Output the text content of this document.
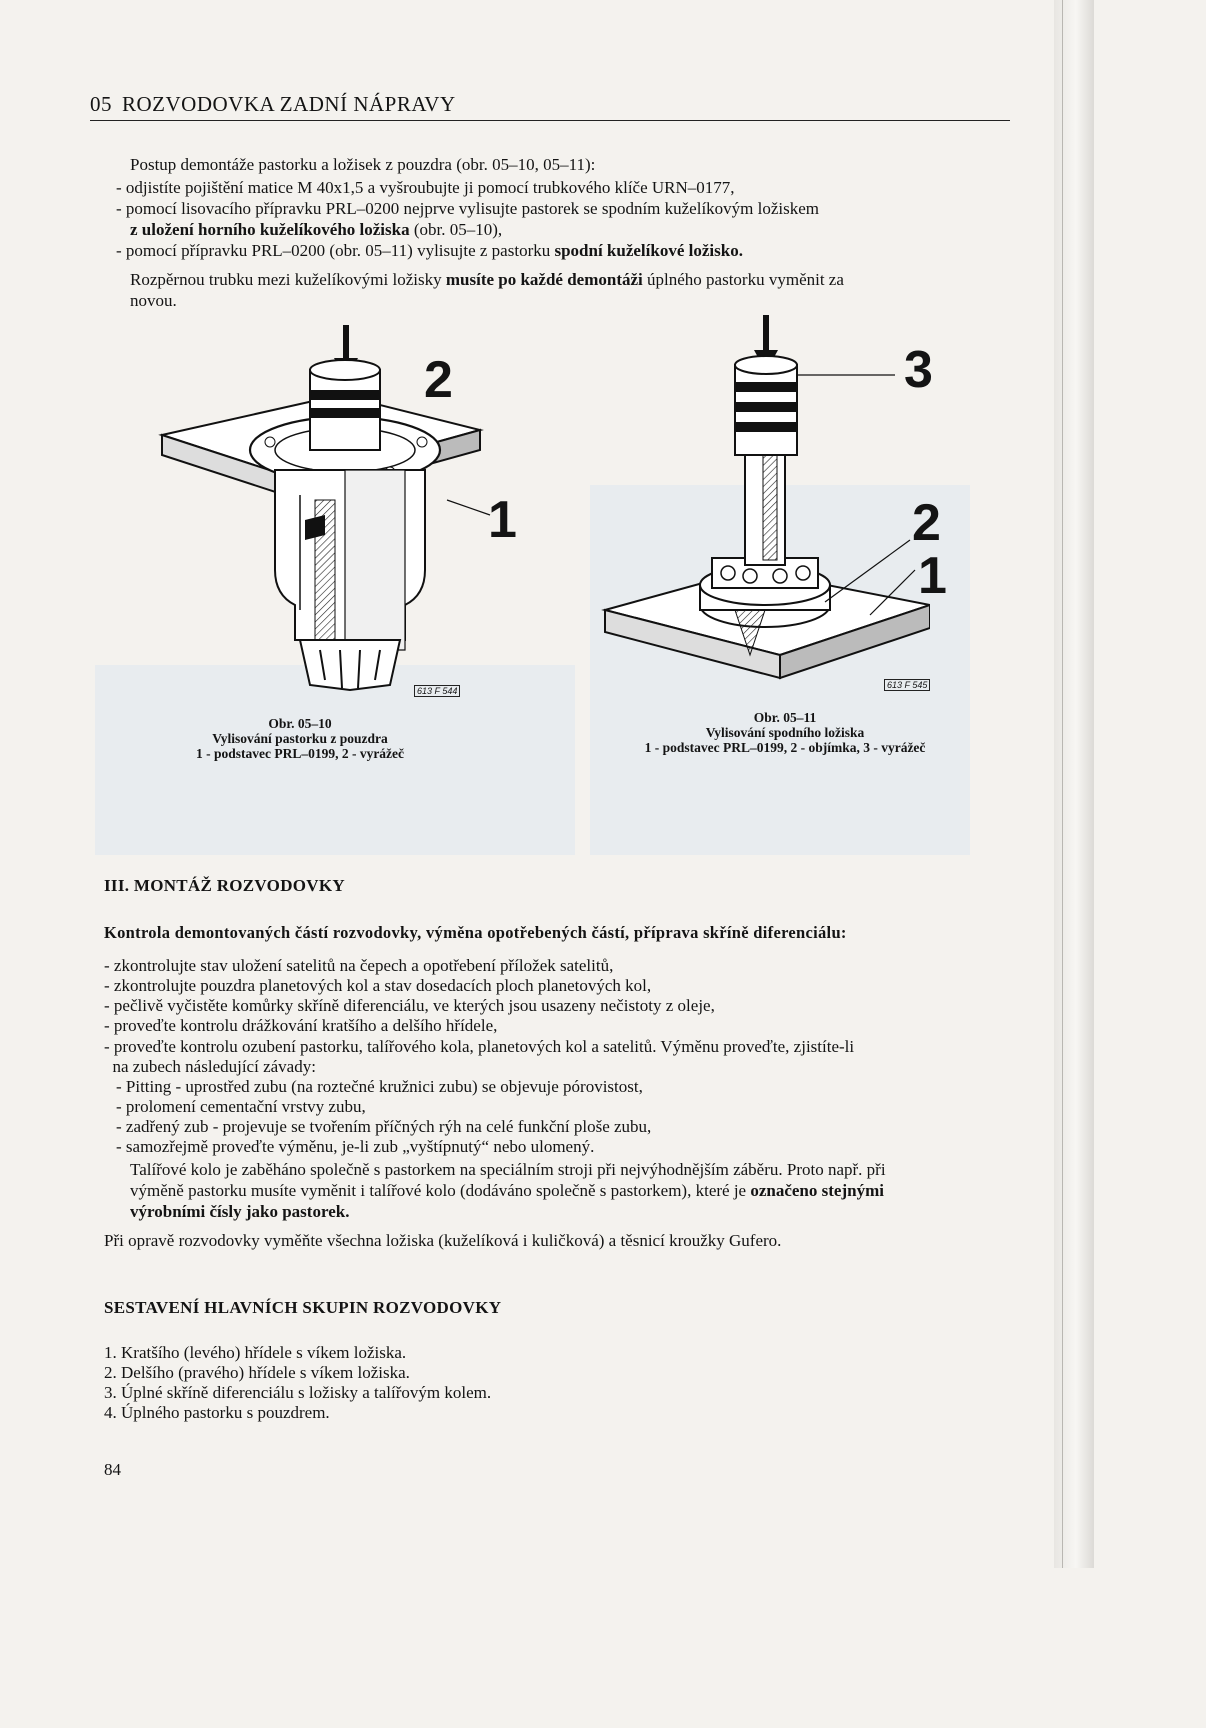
05 ROZVODOVKA ZADNÍ NÁPRAVY
Postup demontáže pastorku a ložisek z pouzdra (obr. 05–10, 05–11):
- odjistíte pojištění matice M 40x1,5 a vyšroubujte ji pomocí trubkového klíče URN–0177,
- pomocí lisovacího přípravku PRL–0200 nejprve vylisujte pastorek se spodním kuželíkovým ložiskem
z uložení horního kuželíkového ložiska (obr. 05–10),
- pomocí přípravku PRL–0200 (obr. 05–11) vylisujte z pastorku spodní kuželíkové ložisko.
Rozpěrnou trubku mezi kuželíkovými ložisky musíte po každé demontáži úplného pastorku vyměnit za
novou.
2
1
613 F 544
Obr. 05–10
Vylisování pastorku z pouzdra
1 - podstavec PRL–0199, 2 - vyrážeč
3
2
1
613 F 545
Obr. 05–11
Vylisování spodního ložiska
1 - podstavec PRL–0199, 2 - objímka, 3 - vyrážeč
III. MONTÁŽ ROZVODOVKY
Kontrola demontovaných částí rozvodovky, výměna opotřebených částí, příprava skříně diferenciálu:
- zkontrolujte stav uložení satelitů na čepech a opotřebení příložek satelitů,
- zkontrolujte pouzdra planetových kol a stav dosedacích ploch planetových kol,
- pečlivě vyčistěte komůrky skříně diferenciálu, ve kterých jsou usazeny nečistoty z oleje,
- proveďte kontrolu drážkování kratšího a delšího hřídele,
- proveďte kontrolu ozubení pastorku, talířového kola, planetových kol a satelitů. Výměnu proveďte, zjistíte-li
na zubech následující závady:
- Pitting - uprostřed zubu (na roztečné kružnici zubu) se objevuje pórovistost,
- prolomení cementační vrstvy zubu,
- zadřený zub - projevuje se tvořením příčných rýh na celé funkční ploše zubu,
- samozřejmě proveďte výměnu, je-li zub „vyštípnutý“ nebo ulomený.
Talířové kolo je zaběháno společně s pastorkem na speciálním stroji při nejvýhodnějším záběru. Proto např. při
výměně pastorku musíte vyměnit i talířové kolo (dodáváno společně s pastorkem), které je označeno stejnými
výrobními čísly jako pastorek.
Při opravě rozvodovky vyměňte všechna ložiska (kuželíková i kuličková) a těsnicí kroužky Gufero.
SESTAVENÍ HLAVNÍCH SKUPIN ROZVODOVKY
1. Kratšího (levého) hřídele s víkem ložiska.
2. Delšího (pravého) hřídele s víkem ložiska.
3. Úplné skříně diferenciálu s ložisky a talířovým kolem.
4. Úplného pastorku s pouzdrem.
84
